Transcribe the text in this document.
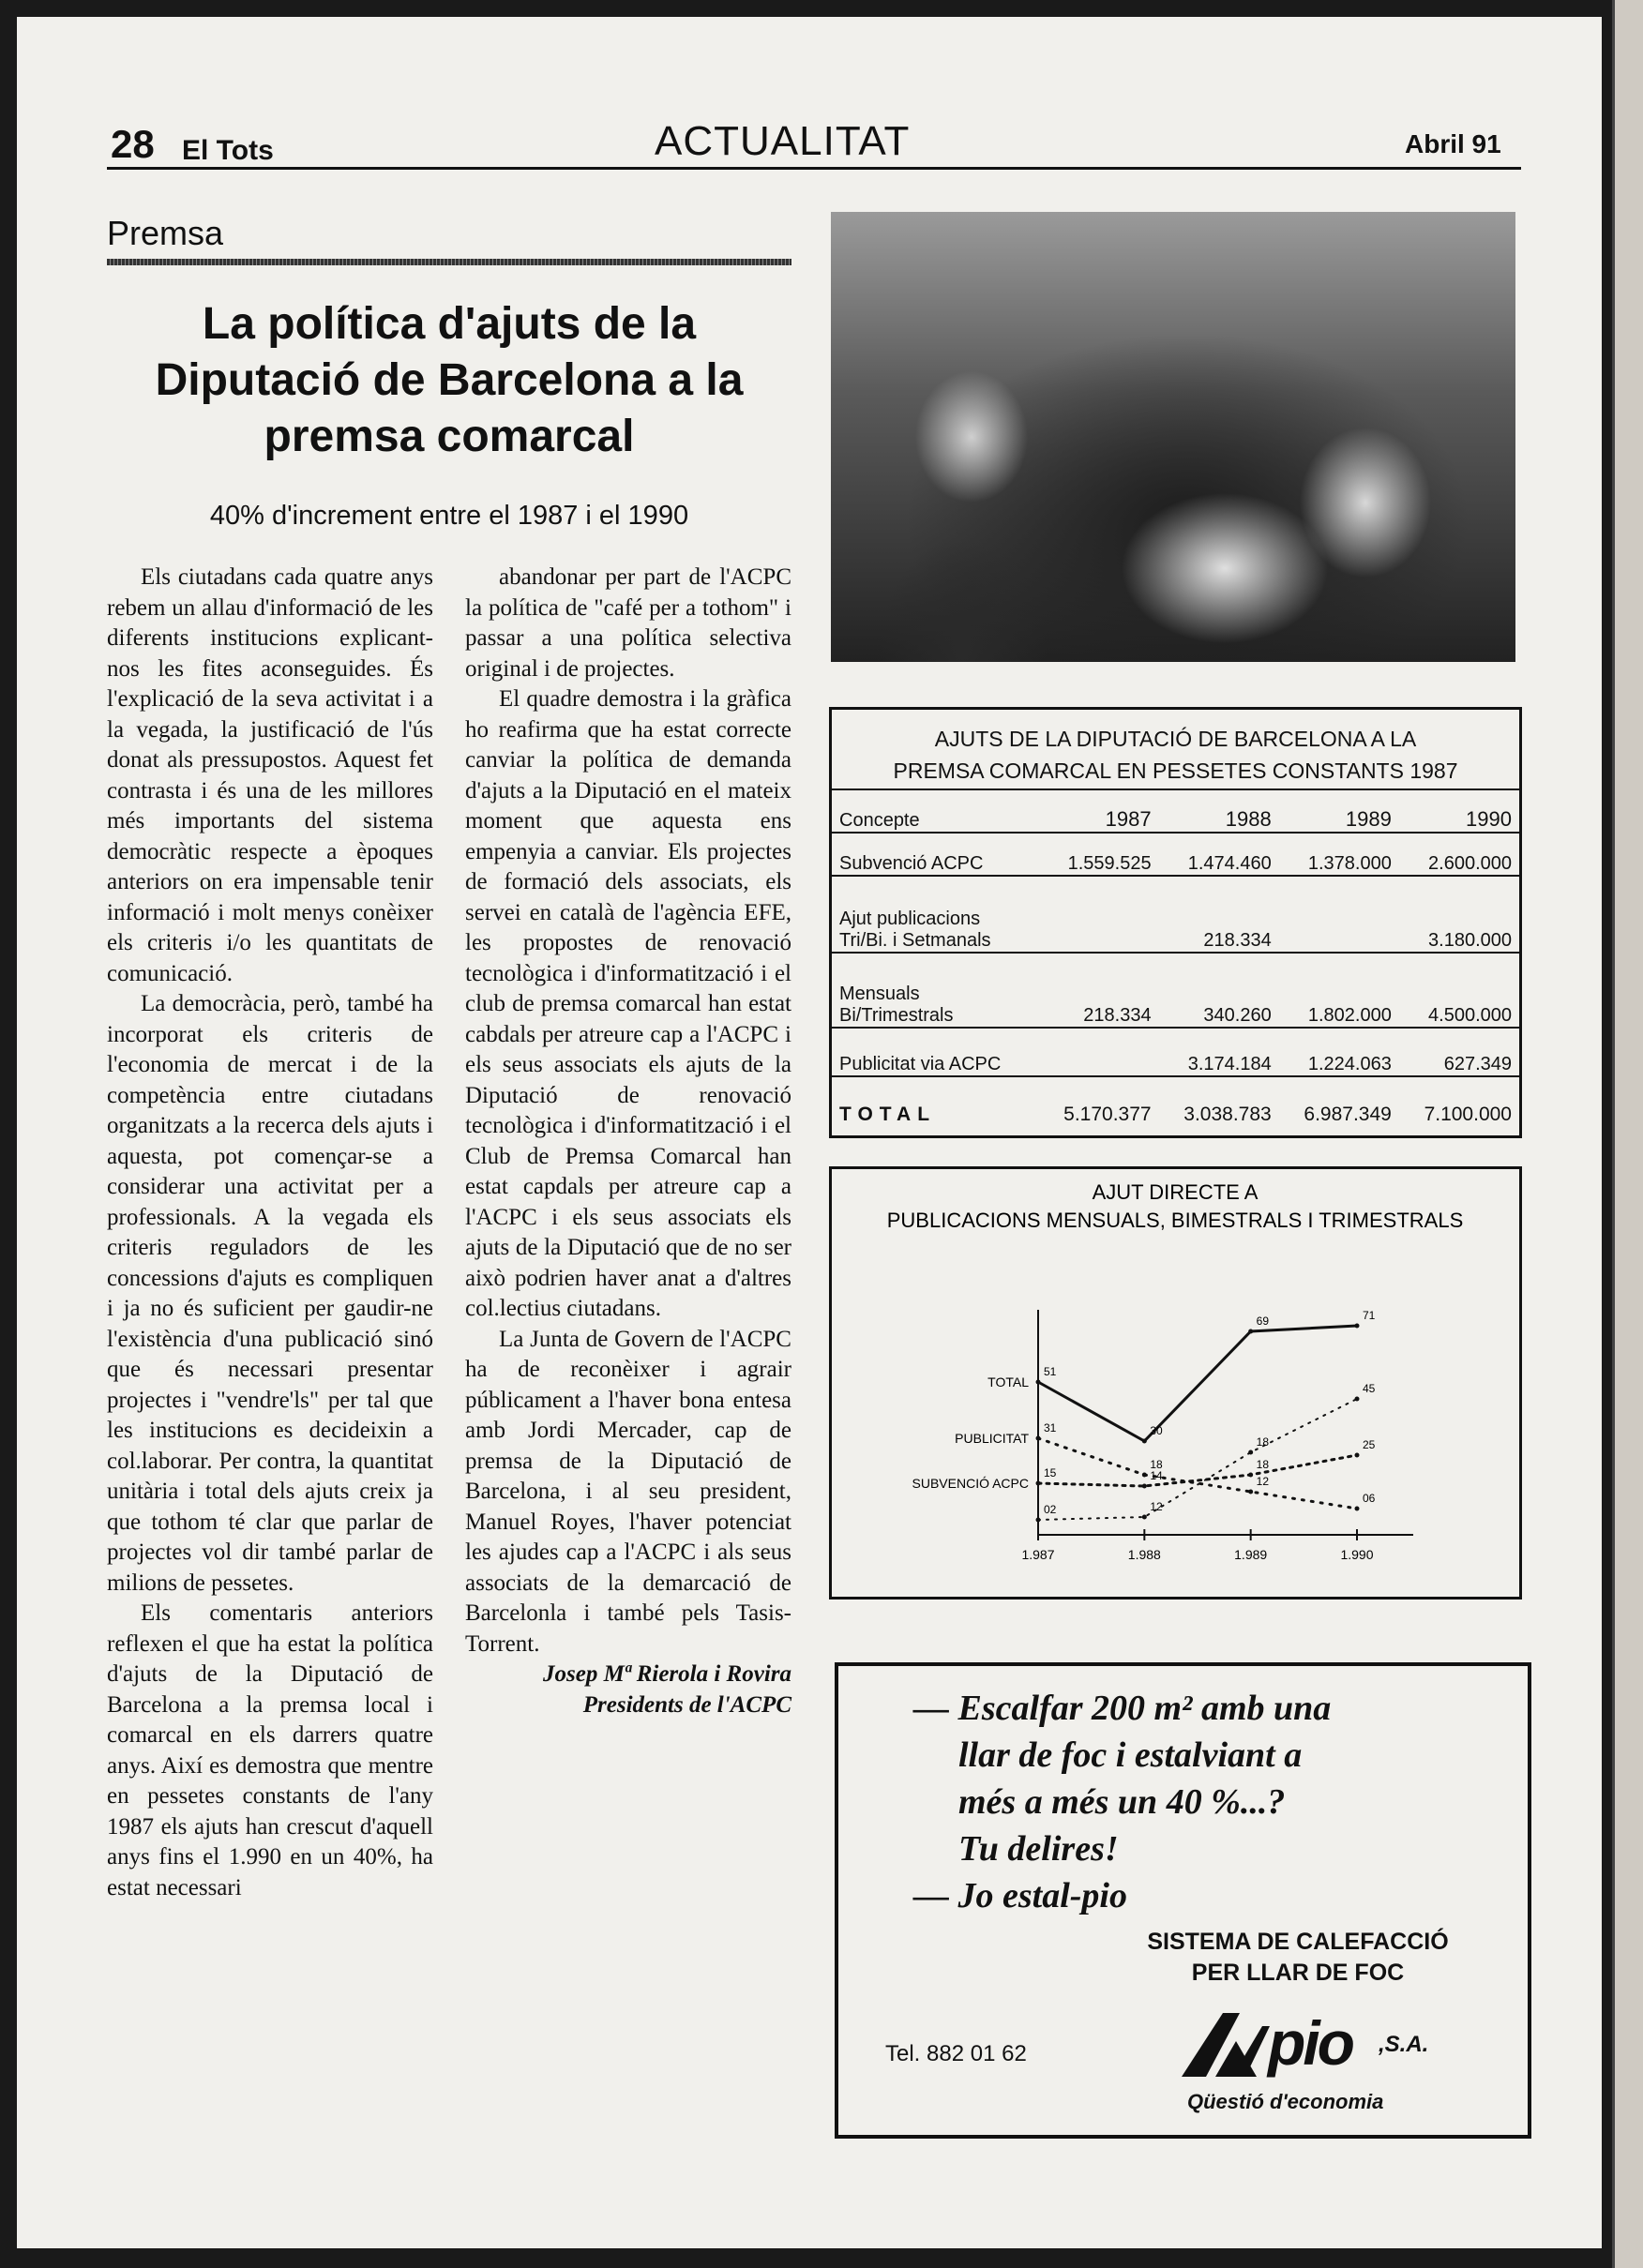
28 El Tots	ACTUALITAT	Abril 91
Premsa
La política d'ajuts de la Diputació de Barcelona a la premsa comarcal
40% d'increment entre el 1987 i el 1990

Els ciutadans cada quatre anys rebem un allau d'informació de les diferents institucions explicant-nos les fites aconseguides. És l'explicació de la seva activitat i a la vegada, la justificació de l'ús donat als pressupostos. Aquest fet contrasta i és una de les millores més importants del sistema democràtic respecte a èpoques anteriors on era impensable tenir informació i molt menys conèixer els criteris i/o les quantitats de comunicació.

La democràcia, però, també ha incorporat els criteris de l'economia de mercat i de la competència entre ciutadans organitzats a la recerca dels ajuts i aquesta, pot començar-se a considerar una activitat per a professionals. A la vegada els criteris reguladors de les concessions d'ajuts es compliquen i ja no és suficient per gaudir-ne l'existència d'una publicació sinó que és necessari presentar projectes i "vendre'ls" per tal que les institucions es decideixin a col.laborar. Per contra, la quantitat unitària i total dels ajuts creix ja que tothom té clar que parlar de projectes vol dir també parlar de milions de pessetes.

Els comentaris anteriors reflexen el que ha estat la política d'ajuts de la Diputació de Barcelona a la premsa local i comarcal en els darrers quatre anys. Així es demostra que mentre en pessetes constants de l'any 1987 els ajuts han crescut d'aquell anys fins el 1.990 en un 40%, ha estat necessari

abandonar per part de l'ACPC la política de "café per a tothom" i passar a una política selectiva original i de projectes.

El quadre demostra i la gràfica ho reafirma que ha estat correcte canviar la política de demanda d'ajuts a la Diputació en el mateix moment que aquesta ens empenyia a canviar. Els projectes de formació dels associats, els servei en català de l'agència EFE, les propostes de renovació tecnològica i d'informatització i el club de premsa comarcal han estat cabdals per atreure cap a l'ACPC i els seus associats els ajuts de la Diputació de renovació tecnològica i d'informatització i el Club de Premsa Comarcal han estat capdals per atreure cap a l'ACPC i els seus associats els ajuts de la Diputació que de no ser això podrien haver anat a d'altres col.lectius ciutadans.

La Junta de Govern de l'ACPC ha de reconèixer i agrair públicament a l'haver bona entesa amb Jordi Mercader, cap de premsa de la Diputació de Barcelona, i al seu president, Manuel Royes, l'haver potenciat les ajudes cap a l'ACPC i als seus associats de la demarcació de Barcelonla i també pels Tasis-Torrent.

Josep Mª Rierola i Rovira

Presidents de l'ACPC

AJUTS DE LA DIPUTACIÓ DE BARCELONA A LA
PREMSA COMARCAL EN PESSETES CONSTANTS 1987
Concepte	1987	1988	1989	1990
Subvenció ACPC	1.559.525	1.474.460	1.378.000	2.600.000

Ajut publicacions
Tri/Bi. i Setmanals		218.334		3.180.000

Mensuals
Bi/Trimestrals	218.334	340.260	1.802.000	4.500.000
Publicitat via ACPC		3.174.184	1.224.063	627.349
TOTAL	5.170.377	3.038.783	6.987.349	7.100.000
AJUT DIRECTE A
PUBLICACIONS MENSUALS, BIMESTRALS I TRIMESTRALS
1.987	1.988	1.989	1.990
TOTAL
51
30
69	71
PUBLICITAT
31
18
12
06
SUBVENCIÓ ACPC
15	14
18
25
02	12
18
45
— Escalfar 200 m² amb una
llar de foc i estalviant a
més a més un 40 %...?
Tu delires!
— Jo estal-pio
SISTEMA DE CALEFACCIÓ
PER LLAR DE FOC
Tel. 882 01 62	pio ,S.A.
Qüestió d'economia
